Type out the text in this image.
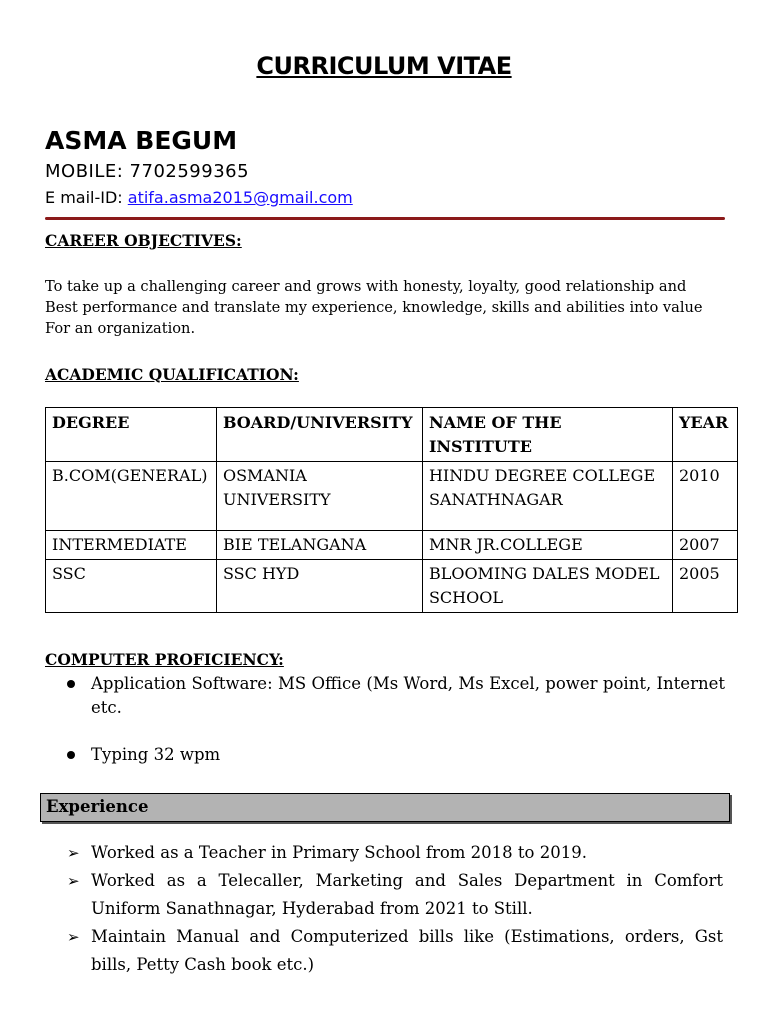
CURRICULUM VITAE
ASMA BEGUM
MOBILE: 7702599365
E mail-ID: atifa.asma2015@gmail.com
CAREER OBJECTIVES:
To take up a challenging career and grows with honesty, loyalty, good relationship and
Best performance and translate my experience, knowledge, skills and abilities into value
For an organization.
ACADEMIC QUALIFICATION:
DEGREE	BOARD/UNIVERSITY	NAME OF THE INSTITUTE	YEAR
B.COM(GENERAL)	OSMANIA UNIVERSITY	HINDU DEGREE COLLEGE SANATHNAGAR	2010
INTERMEDIATE	BIE TELANGANA	MNR JR.COLLEGE	2007
SSC	SSC HYD	BLOOMING DALES MODEL SCHOOL	2005
COMPUTER PROFICIENCY:
Application Software: MS Office (Ms Word, Ms Excel, power point, Internet etc.
Typing 32 wpm
Experience
➢ Worked as a Teacher in Primary School from 2018 to 2019.
➢ Worked as a Telecaller, Marketing and Sales Department in Comfort Uniform Sanathnagar, Hyderabad from 2021 to Still.
➢ Maintain Manual and Computerized bills like (Estimations, orders, Gst bills, Petty Cash book etc.)
